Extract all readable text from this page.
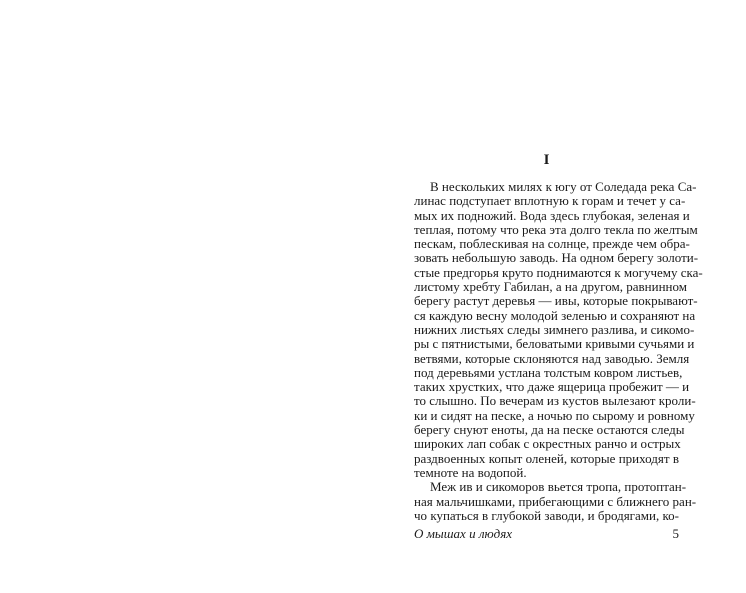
I
В нескольких милях к югу от Соледада река Са-
линас подступает вплотную к горам и течет у са-
мых их подножий. Вода здесь глубокая, зеленая и
теплая, потому что река эта долго текла по желтым
пескам, поблескивая на солнце, прежде чем обра-
зовать небольшую заводь. На одном берегу золоти-
стые предгорья круто поднимаются к могучему ска-
листому хребту Габилан, а на другом, равнинном
берегу растут деревья — ивы, которые покрывают-
ся каждую весну молодой зеленью и сохраняют на
нижних листьях следы зимнего разлива, и сикомо-
ры с пятнистыми, беловатыми кривыми сучьями и
ветвями, которые склоняются над заводью. Земля
под деревьями устлана толстым ковром листьев,
таких хрустких, что даже ящерица пробежит — и
то слышно. По вечерам из кустов вылезают кроли-
ки и сидят на песке, а ночью по сырому и ровному
берегу снуют еноты, да на песке остаются следы
широких лап собак с окрестных ранчо и острых
раздвоенных копыт оленей, которые приходят в
темноте на водопой.
Меж ив и сикоморов вьется тропа, протоптан-
ная мальчишками, прибегающими с ближнего ран-
чо купаться в глубокой заводи, и бродягами, ко-
О мышах и людях	5
